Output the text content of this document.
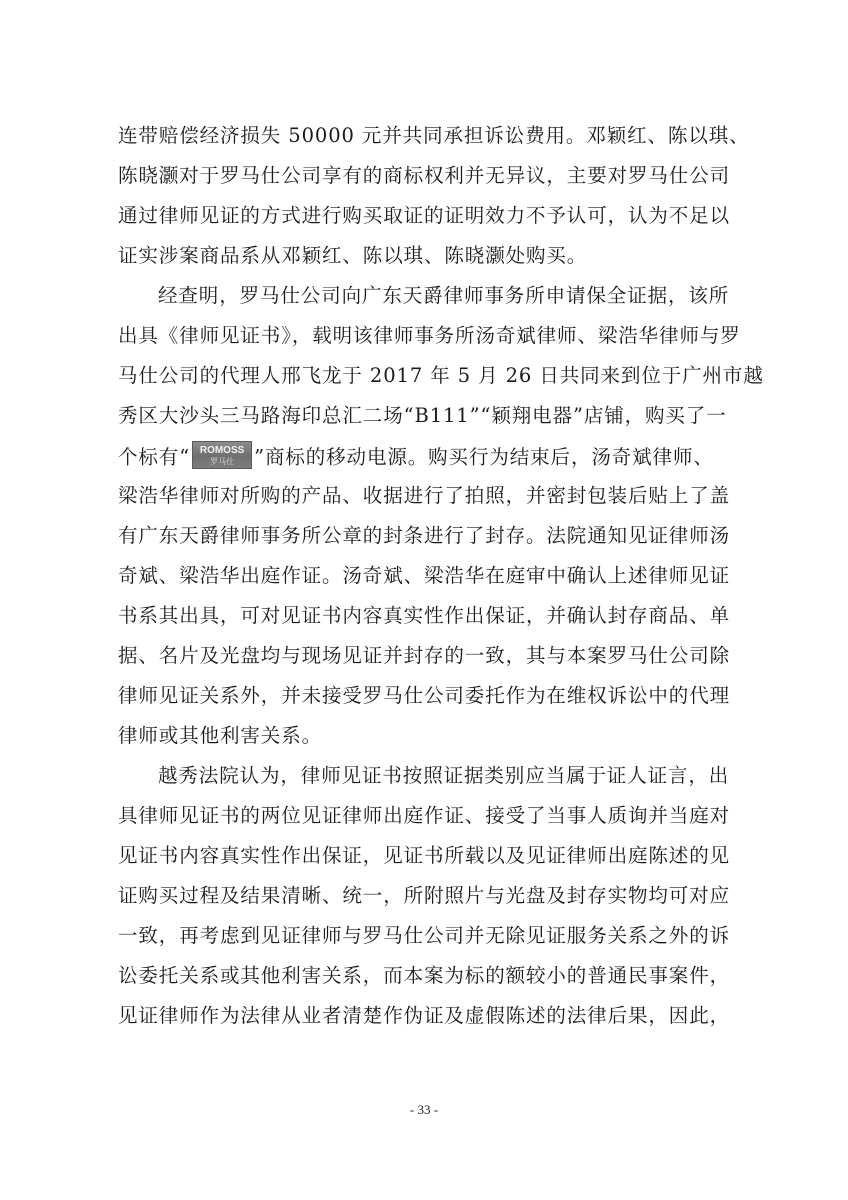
连带赔偿经济损失 50000 元并共同承担诉讼费用。邓颖红、陈以琪、
陈晓灏对于罗马仕公司享有的商标权利并无异议，主要对罗马仕公司
通过律师见证的方式进行购买取证的证明效力不予认可，认为不足以
证实涉案商品系从邓颖红、陈以琪、陈晓灏处购买。
经查明，罗马仕公司向广东天爵律师事务所申请保全证据，该所
出具《律师见证书》，载明该律师事务所汤奇斌律师、梁浩华律师与罗
马仕公司的代理人邢飞龙于 2017 年 5 月 26 日共同来到位于广州市越
秀区大沙头三马路海印总汇二场“B111”“颖翔电器”店铺，购买了一
个标有“ ROMOSS
罗马仕	”商标的移动电源。购买行为结束后，汤奇斌律师、
梁浩华律师对所购的产品、收据进行了拍照，并密封包装后贴上了盖
有广东天爵律师事务所公章的封条进行了封存。法院通知见证律师汤
奇斌、梁浩华出庭作证。汤奇斌、梁浩华在庭审中确认上述律师见证
书系其出具，可对见证书内容真实性作出保证，并确认封存商品、单
据、名片及光盘均与现场见证并封存的一致，其与本案罗马仕公司除
律师见证关系外，并未接受罗马仕公司委托作为在维权诉讼中的代理
律师或其他利害关系。
越秀法院认为，律师见证书按照证据类别应当属于证人证言，出
具律师见证书的两位见证律师出庭作证、接受了当事人质询并当庭对
见证书内容真实性作出保证，见证书所载以及见证律师出庭陈述的见
证购买过程及结果清晰、统一，所附照片与光盘及封存实物均可对应
一致，再考虑到见证律师与罗马仕公司并无除见证服务关系之外的诉
讼委托关系或其他利害关系，而本案为标的额较小的普通民事案件，
见证律师作为法律从业者清楚作伪证及虚假陈述的法律后果，因此，
- 33 -
